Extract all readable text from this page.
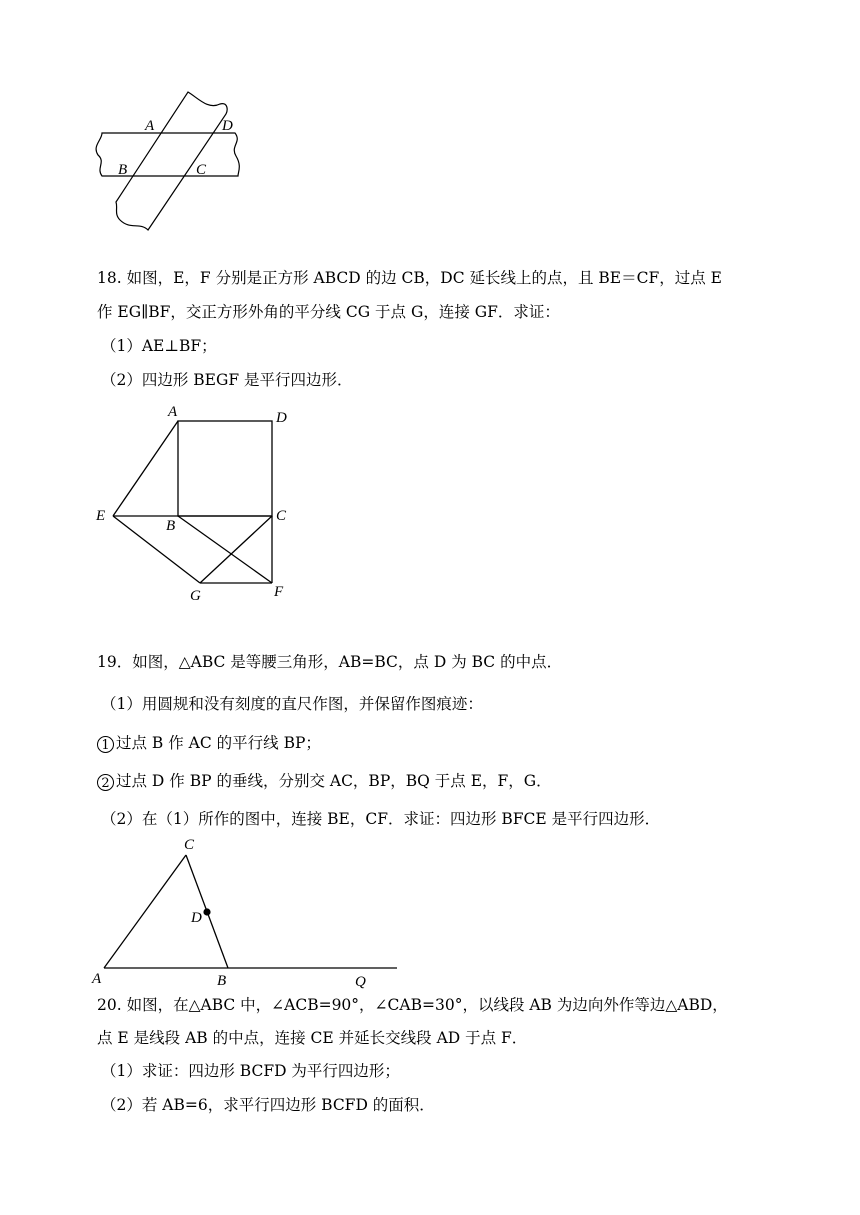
A	D
B	C
18. 如图，E，F 分别是正方形 ABCD 的边 CB，DC 延长线上的点，且 BE＝CF，过点 E
作 EG∥BF，交正方形外角的平分线 CG 于点 G，连接 GF．求证：
（1）AE⊥BF；
（2）四边形 BEGF 是平行四边形．
A	D
E
B
C
G	F
19．如图，△ABC 是等腰三角形，AB=BC，点 D 为 BC 的中点．
（1）用圆规和没有刻度的直尺作图，并保留作图痕迹：
1 过点 B 作 AC 的平行线 BP；
2 过点 D 作 BP 的垂线，分别交 AC，BP，BQ 于点 E，F，G．
（2）在（1）所作的图中，连接 BE，CF．求证：四边形 BFCE 是平行四边形．
C
D
A	B	Q
20. 如图，在△ABC 中，∠ACB=90°，∠CAB=30°，以线段 AB 为边向外作等边△ABD，
点 E 是线段 AB 的中点，连接 CE 并延长交线段 AD 于点 F．
（1）求证：四边形 BCFD 为平行四边形；
（2）若 AB=6，求平行四边形 BCFD 的面积．
